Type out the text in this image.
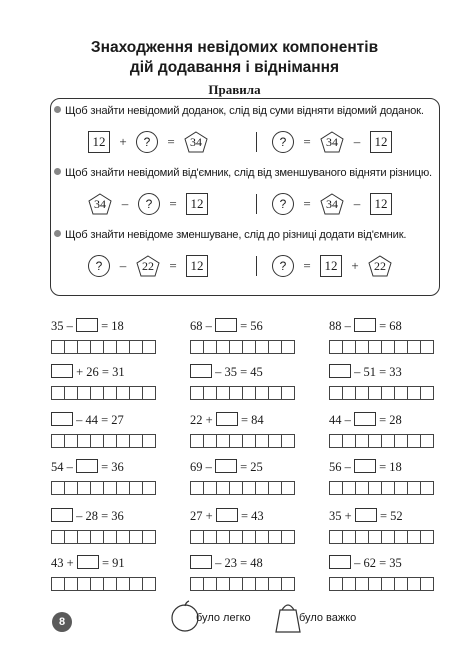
Знаходження невідомих компонентів
дій додавання і віднімання
Правила
Щоб знайти невідомий доданок, слід від суми відняти відомий доданок.
12	+	?	=	34	?	=	34	–	12
Щоб знайти невідомий від'ємник, слід від зменшуваного відняти різницю.
34	–	?	=	12	?	=	34	–	12
Щоб знайти невідоме зменшуване, слід до різниці додати від'ємник.
?	–	22	=	12	?	=	12	+	22
35 – = 18	68 – = 56	88 – = 68
+ 26 = 31	– 35 = 45	– 51 = 33
– 44 = 27	22 + = 84	44 – = 28
54 – = 36	69 – = 25	56 – = 18
– 28 = 36	27 + = 43	35 + = 52
43 + = 91	– 23 = 48	– 62 = 35
8	було легко	було важко
